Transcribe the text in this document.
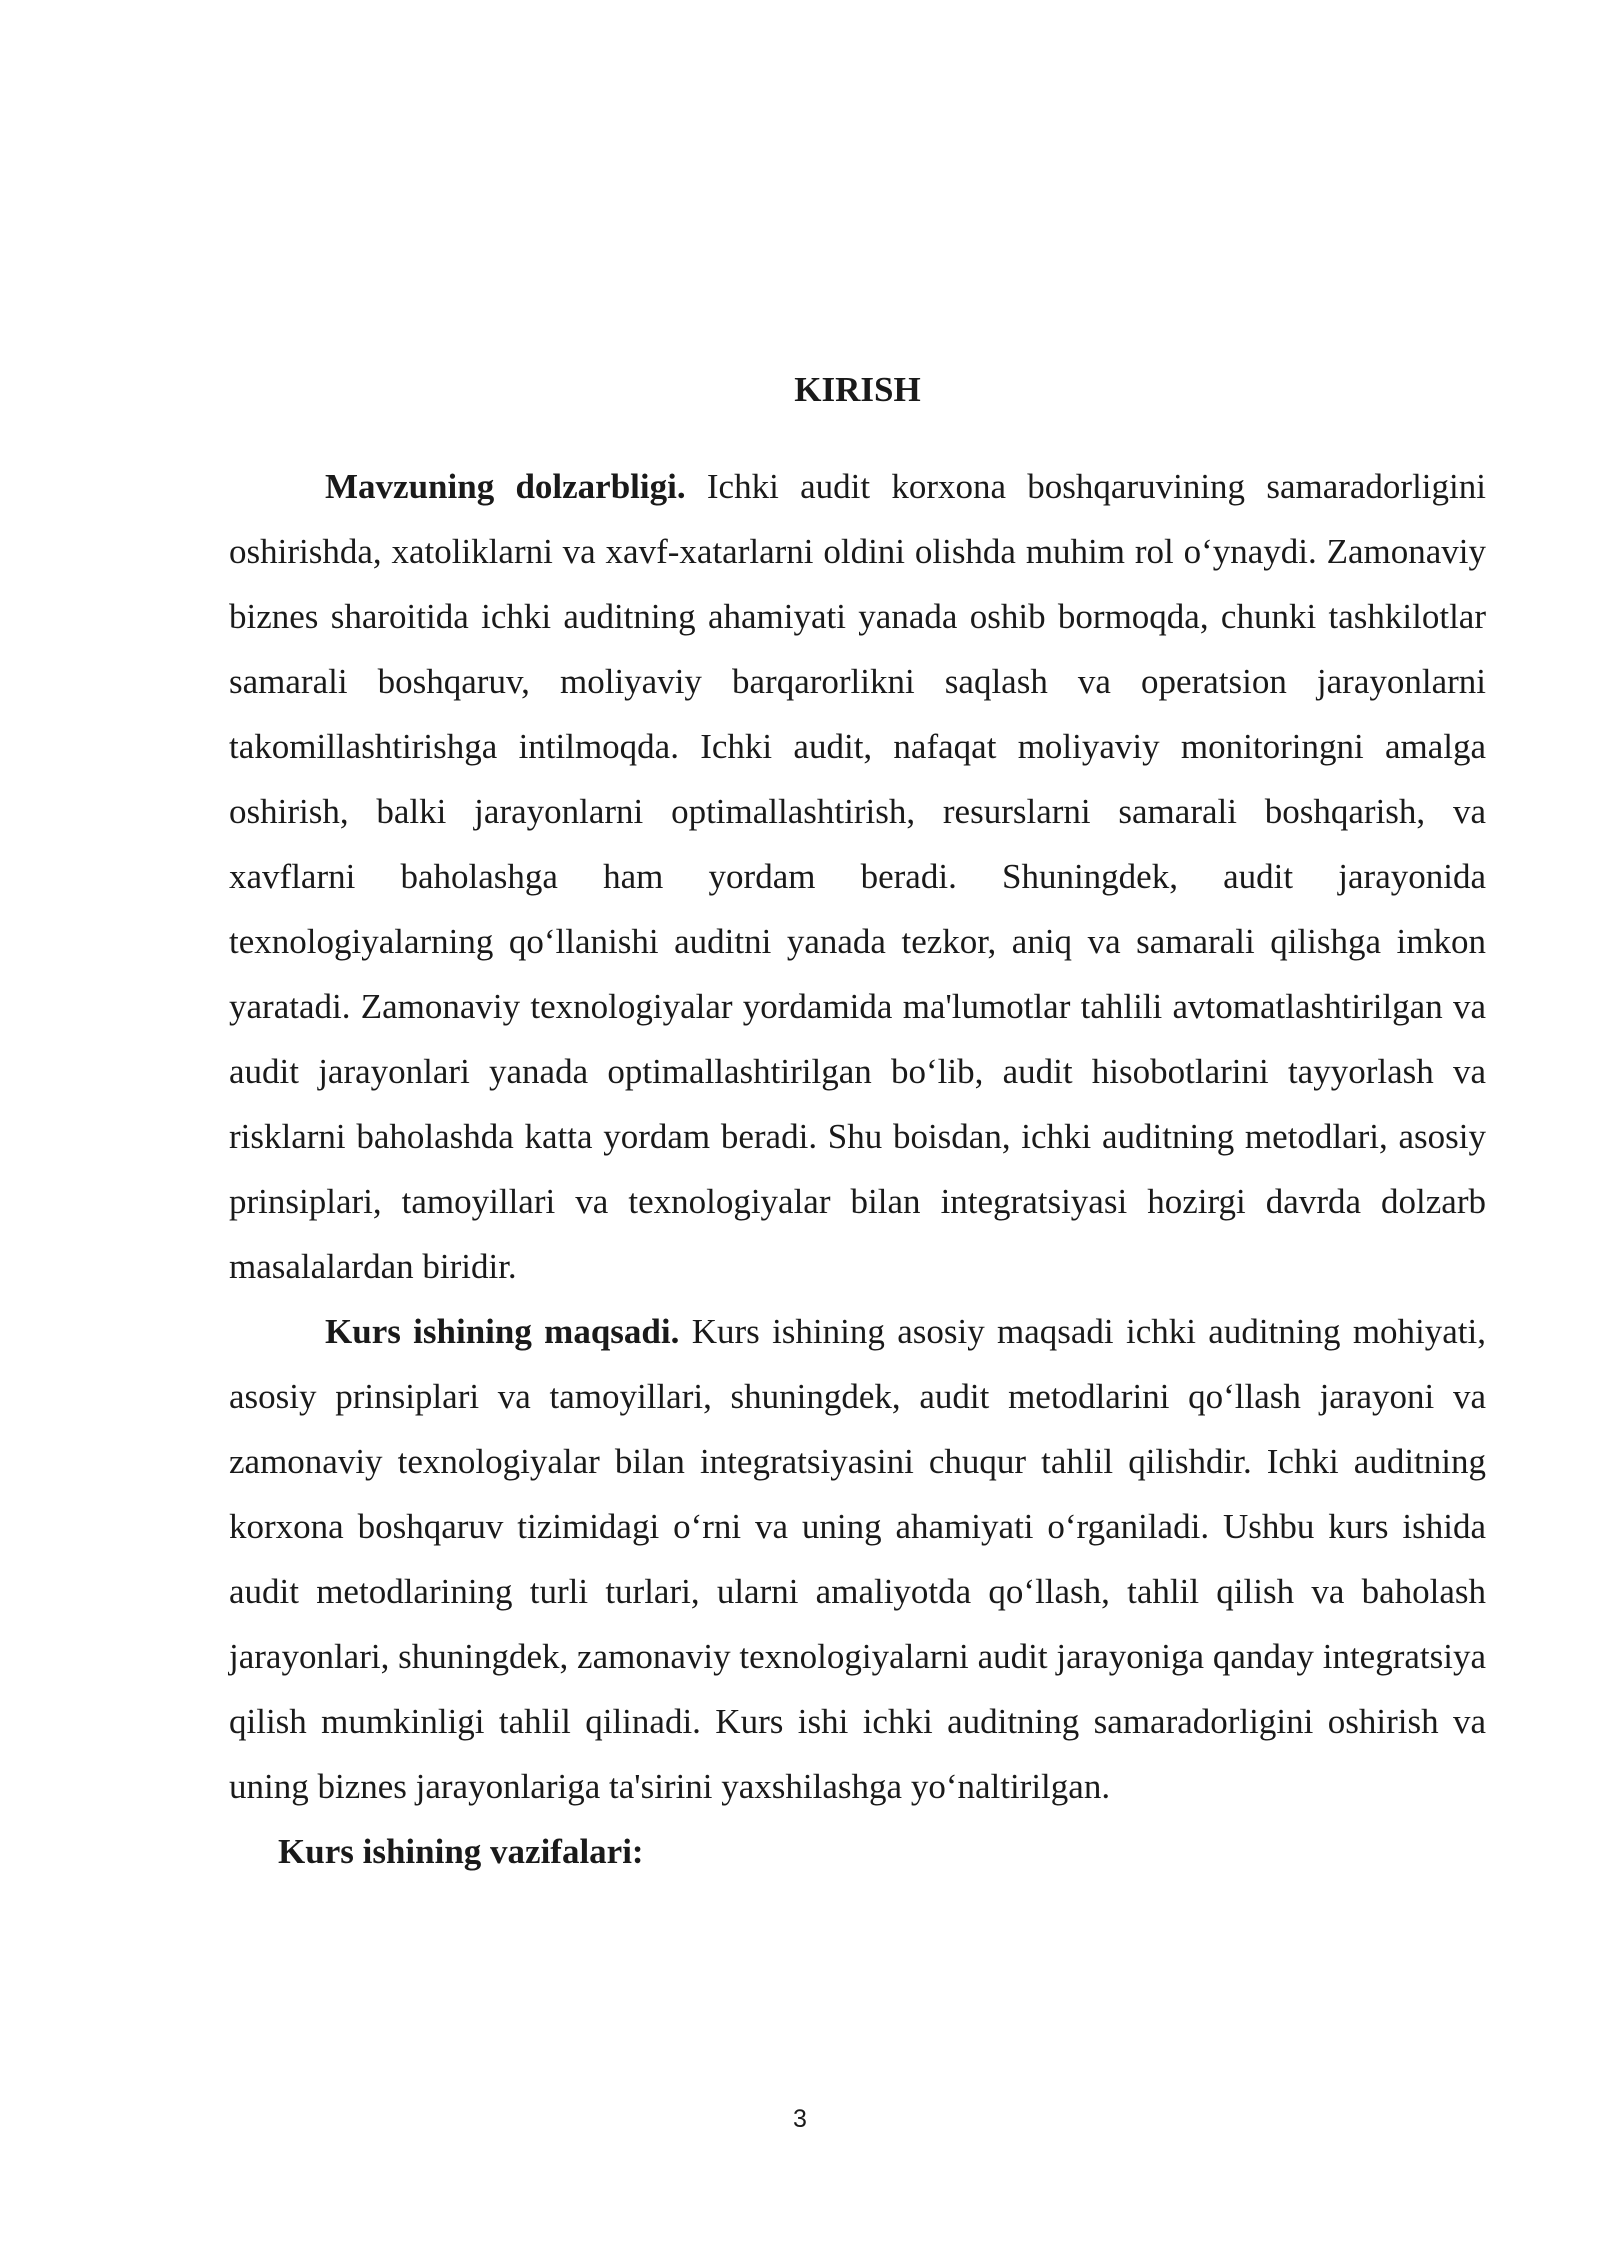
KIRISH

Mavzuning dolzarbligi. Ichki audit korxona boshqaruvining samaradorligini oshirishda, xatoliklarni va xavf-xatarlarni oldini olishda muhim rol o‘ynaydi. Zamonaviy biznes sharoitida ichki auditning ahamiyati yanada oshib bormoqda, chunki tashkilotlar samarali boshqaruv, moliyaviy barqarorlikni saqlash va operatsion jarayonlarni takomillashtirishga intilmoqda. Ichki audit, nafaqat moliyaviy monitoringni amalga oshirish, balki jarayonlarni optimallashtirish, resurslarni samarali boshqarish, va xavflarni baholashga ham yordam beradi. Shuningdek, audit jarayonida texnologiyalarning qo‘llanishi auditni yanada tezkor, aniq va samarali qilishga imkon yaratadi. Zamonaviy texnologiyalar yordamida ma'lumotlar tahlili avtomatlashtirilgan va audit jarayonlari yanada optimallashtirilgan bo‘lib, audit hisobotlarini tayyorlash va risklarni baholashda katta yordam beradi. Shu boisdan, ichki auditning metodlari, asosiy prinsiplari, tamoyillari va texnologiyalar bilan integratsiyasi hozirgi davrda dolzarb masalalardan biridir.

Kurs ishining maqsadi. Kurs ishining asosiy maqsadi ichki auditning mohiyati, asosiy prinsiplari va tamoyillari, shuningdek, audit metodlarini qo‘llash jarayoni va zamonaviy texnologiyalar bilan integratsiyasini chuqur tahlil qilishdir. Ichki auditning korxona boshqaruv tizimidagi o‘rni va uning ahamiyati o‘rganiladi. Ushbu kurs ishida audit metodlarining turli turlari, ularni amaliyotda qo‘llash, tahlil qilish va baholash jarayonlari, shuningdek, zamonaviy texnologiyalarni audit jarayoniga qanday integratsiya qilish mumkinligi tahlil qilinadi. Kurs ishi ichki auditning samaradorligini oshirish va uning biznes jarayonlariga ta'sirini yaxshilashga yo‘naltirilgan.

Kurs ishining vazifalari:

3
